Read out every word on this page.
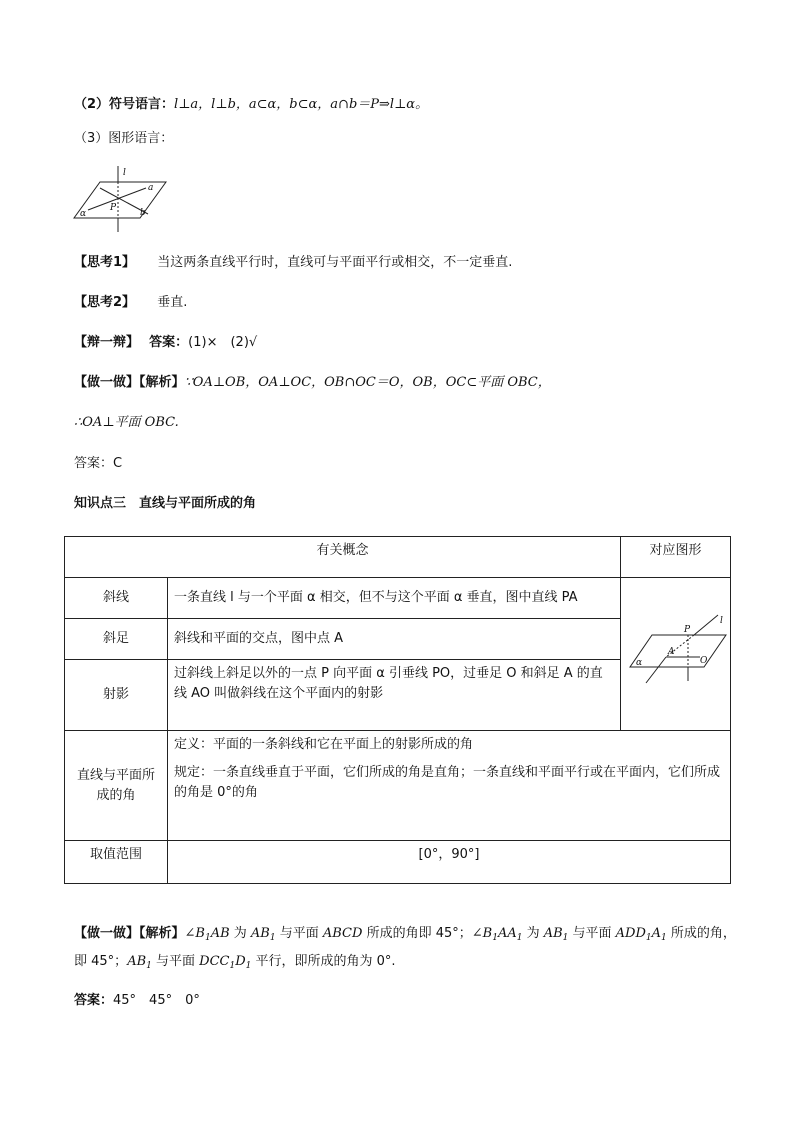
（2）符号语言：l⊥a，l⊥b，a⊂α，b⊂α，a∩b＝P⇒l⊥α。
（3）图形语言：
l
a
P	b
α
【思考1】 当这两条直线平行时，直线可与平面平行或相交，不一定垂直.
【思考2】 垂直.
【辩一辩】 答案：(1)×　(2)√
【做一做】【解析】∵OA⊥OB，OA⊥OC，OB∩OC＝O，OB，OC⊂平面 OBC，
∴OA⊥平面 OBC.
答案：C
知识点三　直线与平面所成的角
有关概念		对应图形
斜线	一条直线 l 与一个平面 α 相交，但不与这个平面 α 垂直，图中直线 PA	l
P
A
O
α

斜足	斜线和平面的交点，图中点 A	
射影	过斜线上斜足以外的一点 P 向平面 α 引垂线 PO，过垂足 O 和斜足 A 的直线 AO 叫做斜线在这个平面内的射影	
直线与平面所成的角	定义：平面的一条斜线和它在平面上的射影所成的角
规定：一条直线垂直于平面，它们所成的角是直角；一条直线和平面平行或在平面内，它们所成的角是 0°的角	

取值范围	[0°，90°]	
【做一做】【解析】$\angle B_1AB$ 为 $AB_1$ 与平面 ABCD 所成的角即 45°；$\angle B_1AA_1$ 为 $AB_1$ 与平面 $ADD_1A_1$ 所成的角，
即 45°；$AB_1$ 与平面 $DCC_1D_1$ 平行，即所成的角为 0°.
答案：45°　45°　0°
